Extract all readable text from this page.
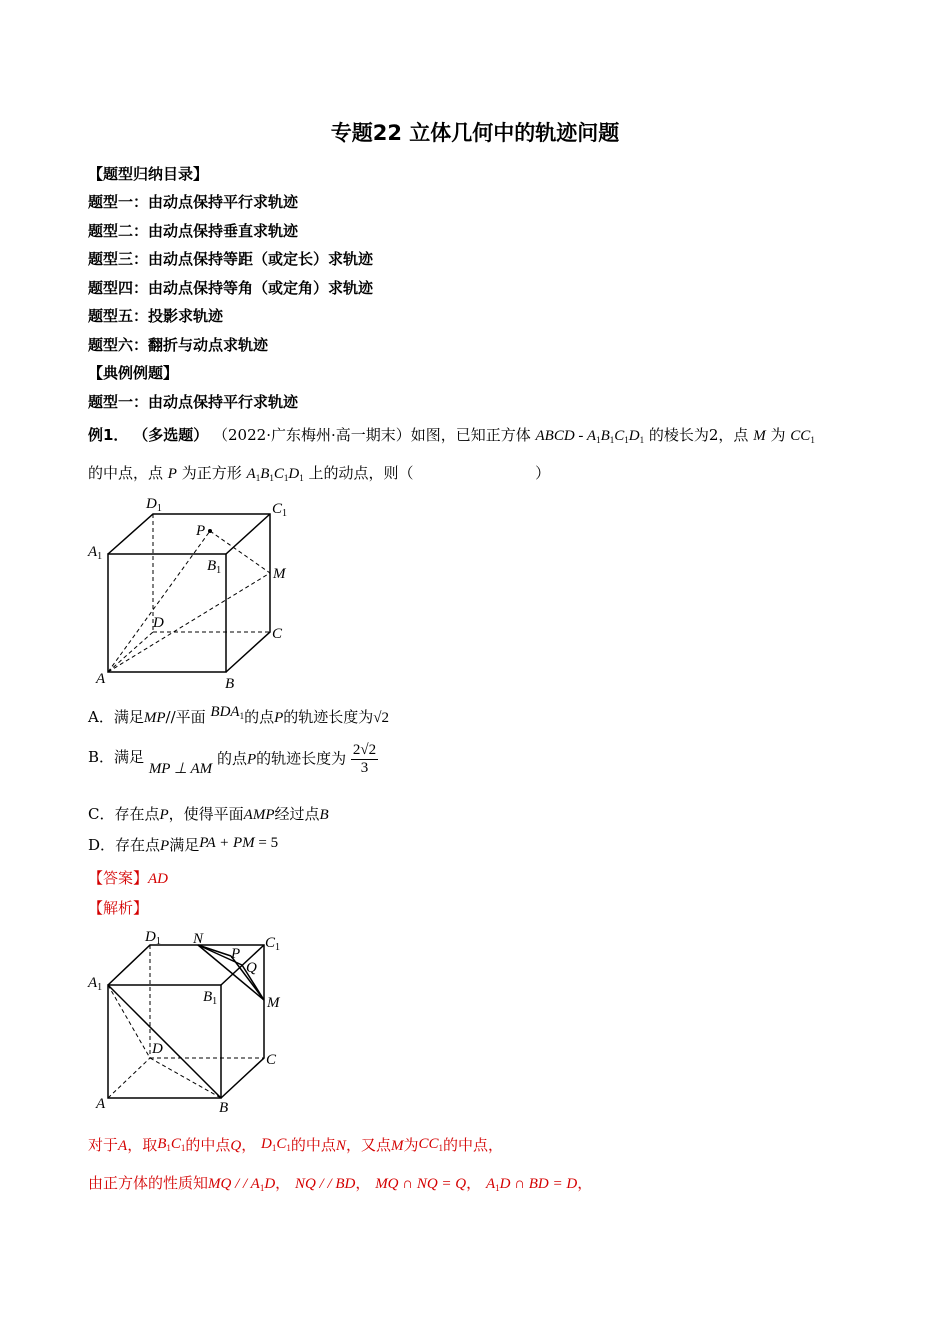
专题22 立体几何中的轨迹问题
【题型归纳目录】
题型一：由动点保持平行求轨迹
题型二：由动点保持垂直求轨迹
题型三：由动点保持等距（或定长）求轨迹
题型四：由动点保持等角（或定角）求轨迹
题型五：投影求轨迹
题型六：翻折与动点求轨迹
【典例例题】
题型一：由动点保持平行求轨迹
例1． （多选题） （2022·广东梅州·高一期末）如图，已知正方体 ABCD - $A_1B_1C_1D_1$ 的棱长为2，点 M 为 $CC_1$
的中点，点 P 为正方形 $A_1B_1C_1D_1$ 上的动点，则（	）
$D_1$	$C_1$
$A_1$
$B_1$
P
M
D
C
A	B
A．满足MP//平面 $BDA_1$的点P的轨迹长度为√2
B．满足 MP ⊥ AM 的点P的轨迹长度为 $\frac{2√2}{3}$
C．存在点P，使得平面AMP经过点B
D．存在点P满足PA + PM = 5
【答案】AD
【解析】
$D_1$ N
P
$C_1$
Q
$A_1$
$B_1$	M
D
C
A	B
对于A，取$B_1C_1$的中点Q， $D_1C_1$的中点N，又点M为$CC_1$的中点，
由正方体的性质知MQ / / $A_1D$， NQ / / BD， MQ ∩ NQ = Q， $A_1D$ ∩ BD = D，
